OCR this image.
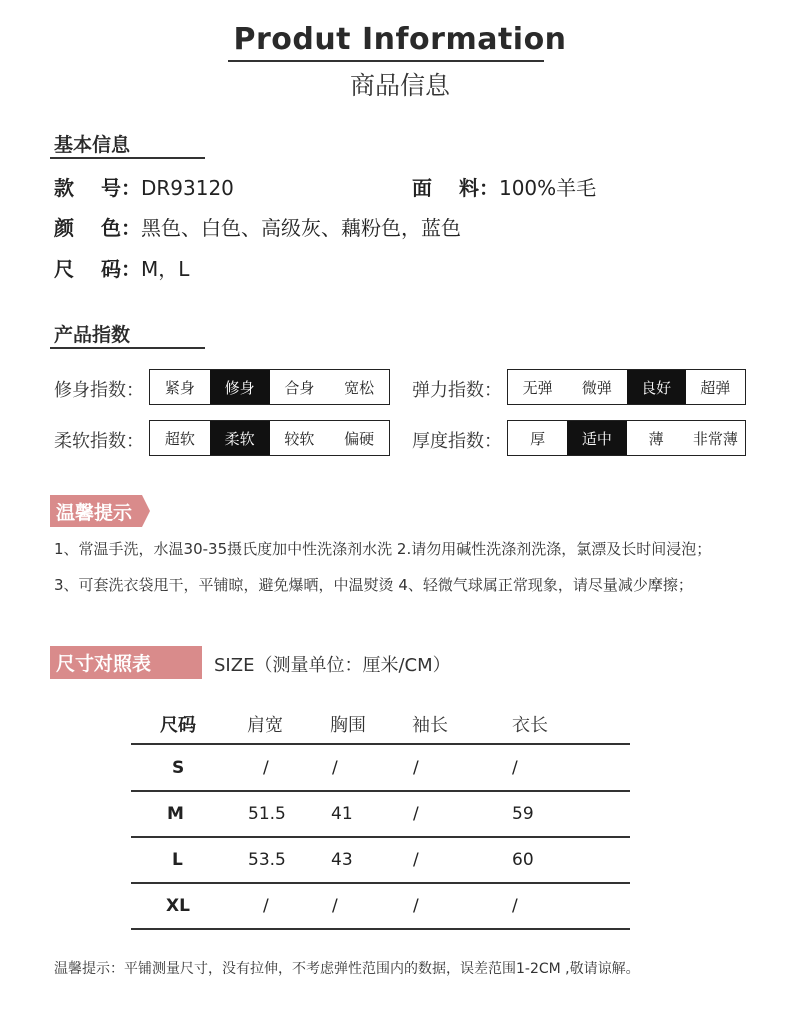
Produt Information
商品信息
基本信息
款　 号：DR93120	面　 料：100%羊毛
颜　 色：黑色、白色、高级灰、藕粉色，蓝色
尺　 码：M，L
产品指数
修身指数：	紧身	修身	合身	宽松	弹力指数：	无弹	微弹	良好	超弹
柔软指数：	超软	柔软	较软	偏硬	厚度指数：	厚	适中	薄	非常薄
温馨提示
1、常温手洗，水温30-35摄氏度加中性洗涤剂水洗 2.请勿用碱性洗涤剂洗涤，氯漂及长时间浸泡；
3、可套洗衣袋甩干，平铺晾，避免爆晒，中温熨烫 4、轻微气球属正常现象，请尽量减少摩擦；
尺寸对照表	SIZE（测量单位：厘米/CM）
尺码	肩宽	胸围	袖长	衣长
S	/	/	/	/
M	51.5	41	/	59
L	53.5	43	/	60
XL	/	/	/	/
温馨提示：平铺测量尺寸，没有拉伸，不考虑弹性范围内的数据，误差范围1-2CM ,敬请谅解。
